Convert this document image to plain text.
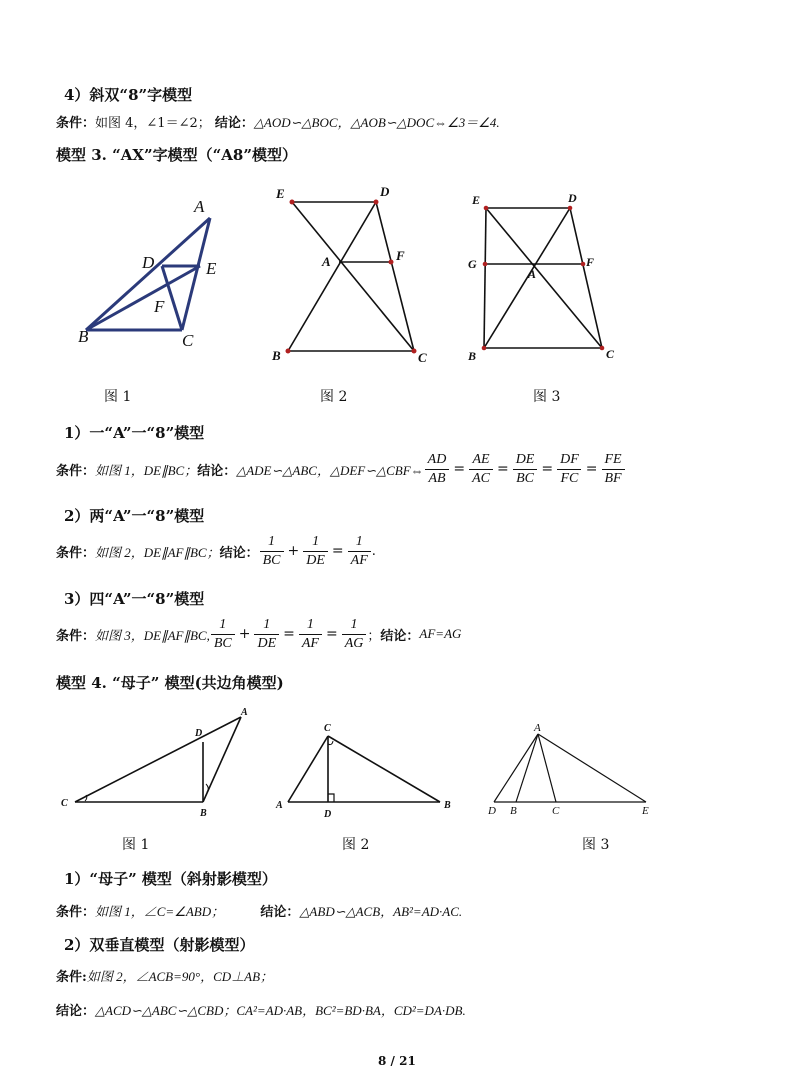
4）斜双“8”字模型
条件：如图 4，∠1＝∠2； 结论：△AOD∽△BOC，△AOB∽△DOC⇔∠3＝∠4.
模型 3. “AX”字模型（“A8”模型）
A
D	E
F
B	C
E	D
A	F
B	C
E	D
G
A
F
B	C
图 1	图 2	图 3
1）一“A”一“8”模型
条件： 如图 1，DE∥BC； 结论： △ADE∽△ABC，△DEF∽△CBF⇔ $\frac{AD}{AB} = \frac{AE}{AC} = \frac{DE}{BC} = \frac{DF}{FC} = \frac{FE}{BF}$
2）两“A”一“8”模型
条件： 如图 2，DE∥AF∥BC； 结论： $\frac{1}{BC} + \frac{1}{DE} = \frac{1}{AF}$ .
3）四“A”一“8”模型
条件： 如图 3，DE∥AF∥BC, $\frac{1}{BC} + \frac{1}{DE} = \frac{1}{AF} = \frac{1}{AG}$ ； 结论： AF=AG
模型 4. “母子” 模型(共边角模型)
A
D
C
B
C
A
D
B
A
D B	C	E
图 1	图 2	图 3
1）“母子” 模型（斜射影模型）
条件：如图 1，∠C=∠ABD；	结论：△ABD∽△ACB，AB²=AD·AC.
2）双垂直模型（射影模型）
条件:如图 2，∠ACB=90°，CD⊥AB；
结论：△ACD∽△ABC∽△CBD；CA²=AD·AB，BC²=BD·BA，CD²=DA·DB.
8 / 21
